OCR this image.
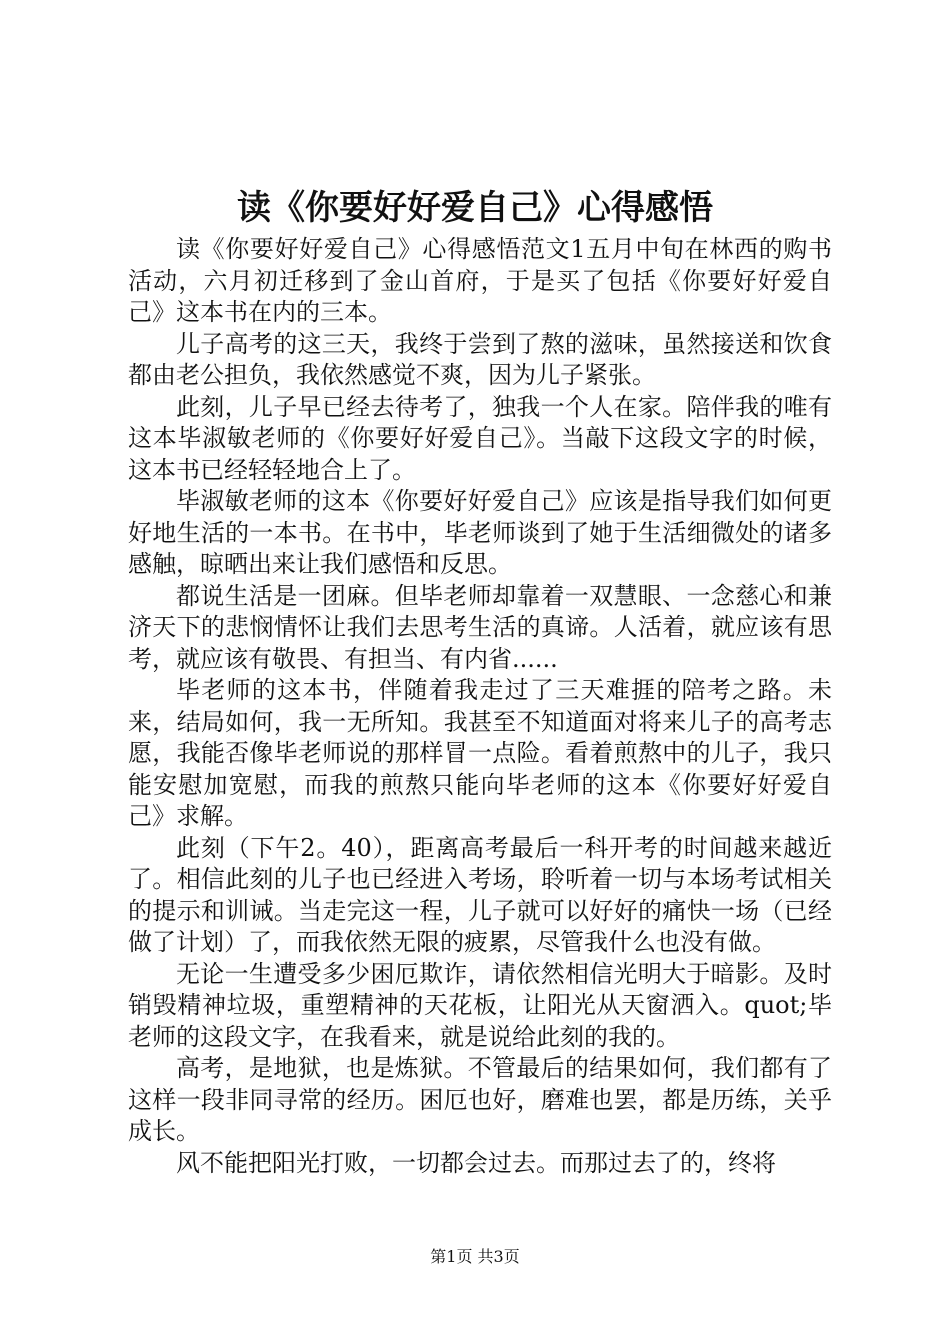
读《你要好好爱自己》心得感悟

读《你要好好爱自己》心得感悟范文1五月中旬在林西的购书活动，六月初迁移到了金山首府，于是买了包括《你要好好爱自己》这本书在内的三本。

儿子高考的这三天，我终于尝到了熬的滋味，虽然接送和饮食都由老公担负，我依然感觉不爽，因为儿子紧张。

此刻，儿子早已经去待考了，独我一个人在家。陪伴我的唯有这本毕淑敏老师的《你要好好爱自己》。当敲下这段文字的时候，这本书已经轻轻地合上了。

毕淑敏老师的这本《你要好好爱自己》应该是指导我们如何更好地生活的一本书。在书中，毕老师谈到了她于生活细微处的诸多感触，晾晒出来让我们感悟和反思。

都说生活是一团麻。但毕老师却靠着一双慧眼、一念慈心和兼济天下的悲悯情怀让我们去思考生活的真谛。人活着，就应该有思考，就应该有敬畏、有担当、有内省......

毕老师的这本书，伴随着我走过了三天难捱的陪考之路。未来，结局如何，我一无所知。我甚至不知道面对将来儿子的高考志愿，我能否像毕老师说的那样冒一点险。看着煎熬中的儿子，我只能安慰加宽慰，而我的煎熬只能向毕老师的这本《你要好好爱自己》求解。

此刻（下午2。40），距离高考最后一科开考的时间越来越近了。相信此刻的儿子也已经进入考场，聆听着一切与本场考试相关的提示和训诫。当走完这一程，儿子就可以好好的痛快一场（已经做了计划）了，而我依然无限的疲累，尽管我什么也没有做。

无论一生遭受多少困厄欺诈，请依然相信光明大于暗影。及时销毁精神垃圾，重塑精神的天花板，让阳光从天窗洒入。quot;毕老师的这段文字，在我看来，就是说给此刻的我的。

高考，是地狱，也是炼狱。不管最后的结果如何，我们都有了这样一段非同寻常的经历。困厄也好，磨难也罢，都是历练，关乎成长。

风不能把阳光打败，一切都会过去。而那过去了的，终将

第1页 共3页
